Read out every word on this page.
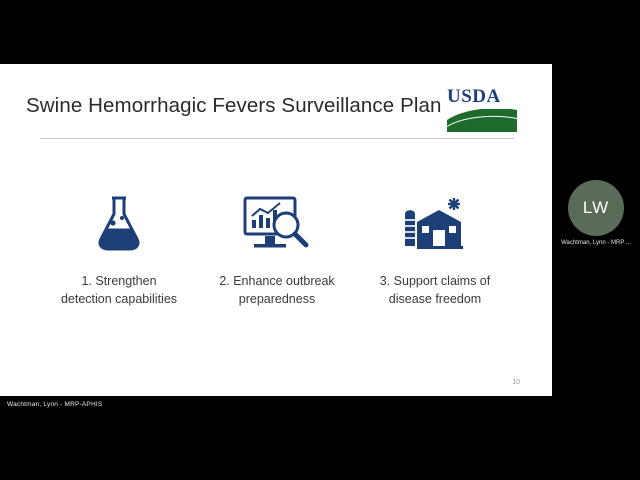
Swine Hemorrhagic Fevers Surveillance Plan USDA
1. Strengthen detection capabilities
2. Enhance outbreak preparedness
3. Support claims of disease freedom
10
Wachtman, Lynn - MRP-APHIS
LW
Wachtman, Lynn - MRP ...
